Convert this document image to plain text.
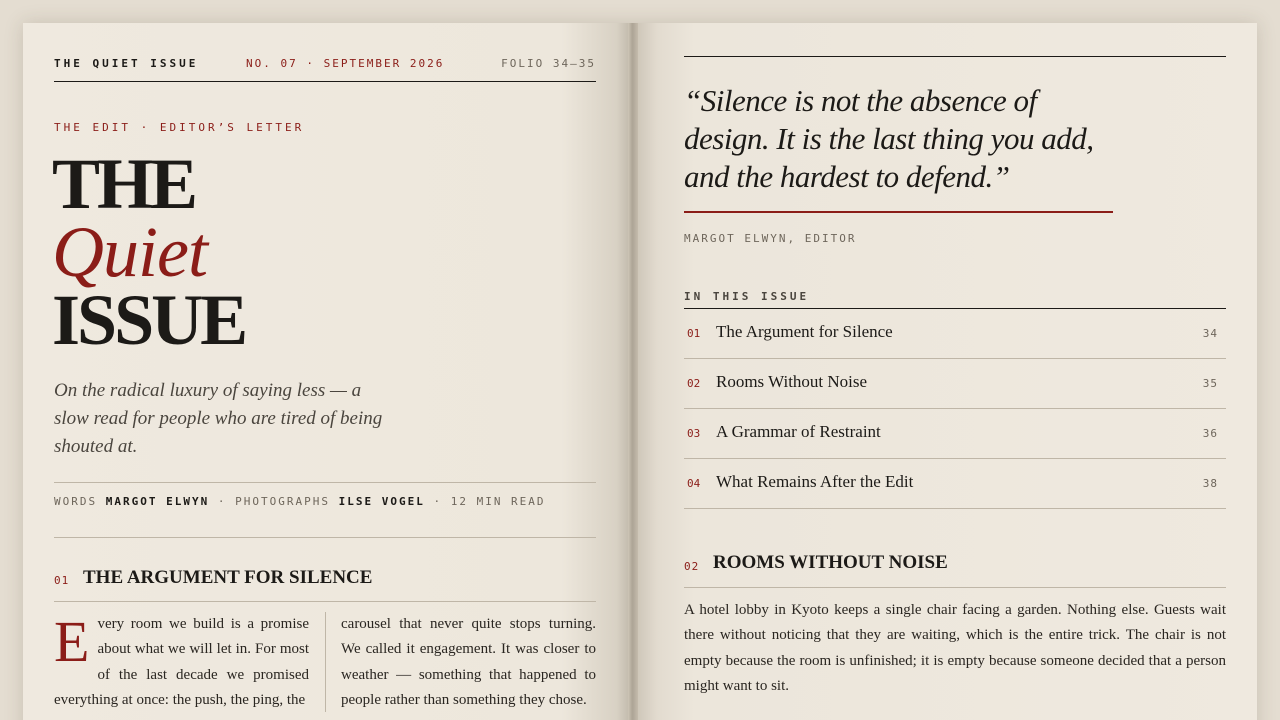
THE QUIET ISSUE	NO. 07 · SEPTEMBER 2026	FOLIO 34–35
THE EDIT · EDITOR’S LETTER
THE
Quiet
ISSUE
On the radical luxury of saying less — a slow read for people who are tired of being shouted at.
WORDS MARGOT ELWYN · PHOTOGRAPHS ILSE VOGEL · 12 MIN READ
01 THE ARGUMENT FOR SILENCE
Every room we build is a promise about what we will let in. For most of the last decade we promised everything at once: the push, the ping, the
carousel that never quite stops turning. We called it engagement. It was closer to weather — something that happened to people rather than something they chose.
“Silence is not the absence of design. It is the last thing you add, and the hardest to defend.”
MARGOT ELWYN, EDITOR
IN THIS ISSUE
01 The Argument for Silence	34
02 Rooms Without Noise	35
03 A Grammar of Restraint	36
04 What Remains After the Edit	38
02 ROOMS WITHOUT NOISE
A hotel lobby in Kyoto keeps a single chair facing a garden. Nothing else. Guests wait there without noticing that they are waiting, which is the entire trick. The chair is not empty because the room is unfinished; it is empty because someone decided that a person might want to sit.
